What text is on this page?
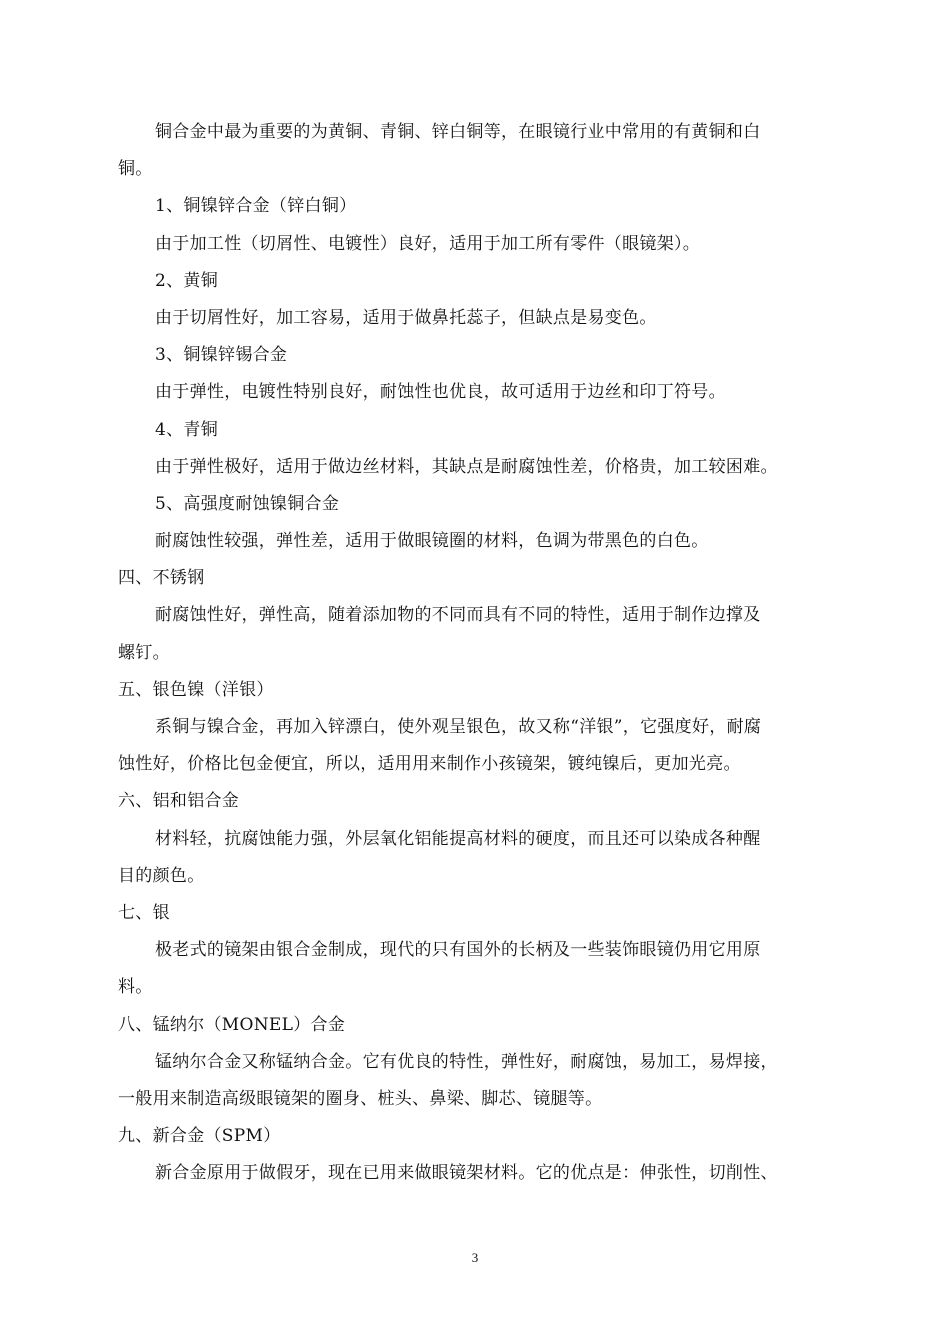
铜合金中最为重要的为黄铜、青铜、锌白铜等，在眼镜行业中常用的有黄铜和白
铜。
1、铜镍锌合金（锌白铜）
由于加工性（切屑性、电镀性）良好，适用于加工所有零件（眼镜架）。
2、黄铜
由于切屑性好，加工容易，适用于做鼻托蕊子，但缺点是易变色。
3、铜镍锌锡合金
由于弹性，电镀性特别良好，耐蚀性也优良，故可适用于边丝和印丁符号。
4、青铜
由于弹性极好，适用于做边丝材料，其缺点是耐腐蚀性差，价格贵，加工较困难。
5、高强度耐蚀镍铜合金
耐腐蚀性较强，弹性差，适用于做眼镜圈的材料，色调为带黑色的白色。
四、不锈钢
耐腐蚀性好，弹性高，随着添加物的不同而具有不同的特性，适用于制作边撑及
螺钉。
五、银色镍（洋银）
系铜与镍合金，再加入锌漂白，使外观呈银色，故又称“洋银”，它强度好，耐腐
蚀性好，价格比包金便宜，所以，适用用来制作小孩镜架，镀纯镍后，更加光亮。
六、铝和铝合金
材料轻，抗腐蚀能力强，外层氧化铝能提高材料的硬度，而且还可以染成各种醒
目的颜色。
七、银
极老式的镜架由银合金制成，现代的只有国外的长柄及一些装饰眼镜仍用它用原
料。
八、锰纳尔（MONEL）合金
锰纳尔合金又称锰纳合金。它有优良的特性，弹性好，耐腐蚀，易加工，易焊接，
一般用来制造高级眼镜架的圈身、桩头、鼻梁、脚芯、镜腿等。
九、新合金（SPM）
新合金原用于做假牙，现在已用来做眼镜架材料。它的优点是：伸张性，切削性、
3
